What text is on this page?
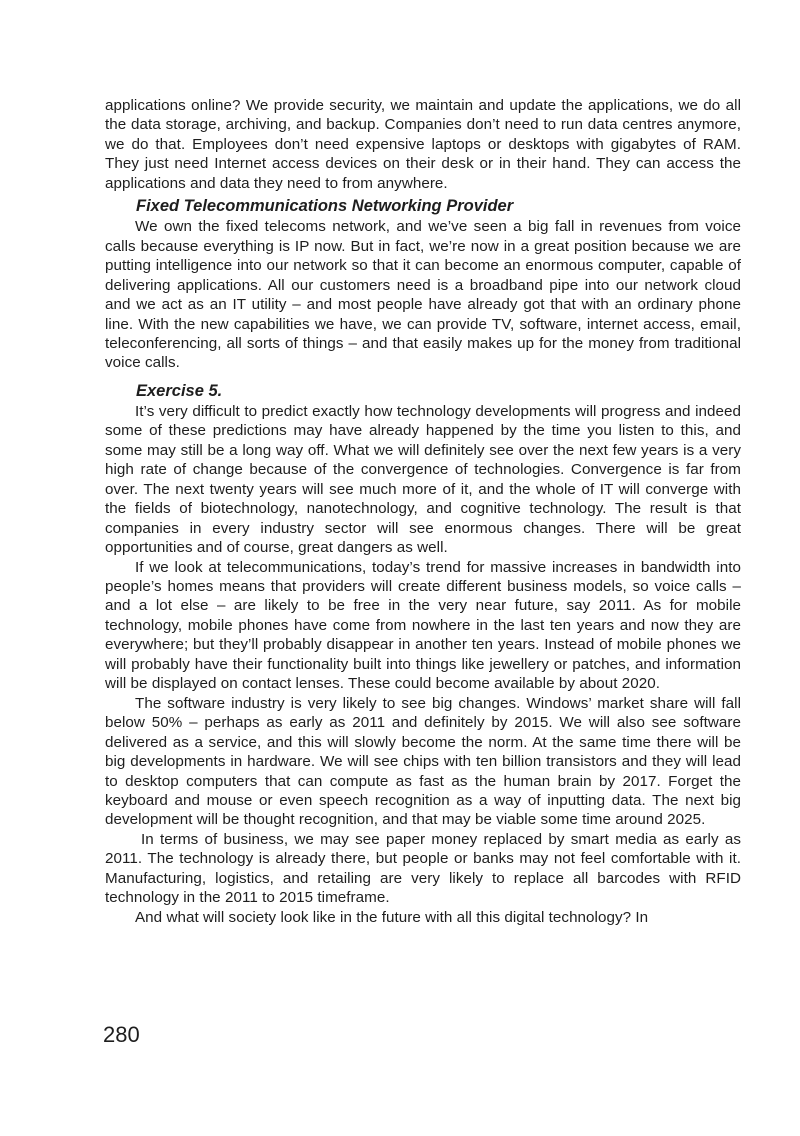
applications online? We provide security, we maintain and update the applications, we do all the data storage, archiving, and backup. Companies don’t need to run data centres anymore, we do that. Employees don’t need expensive laptops or desktops with gigabytes of RAM. They just need Internet access devices on their desk or in their hand. They can access the applications and data they need to from anywhere.

Fixed Telecommunications Networking Provider

We own the fixed telecoms network, and we’ve seen a big fall in revenues from voice calls because everything is IP now. But in fact, we’re now in a great position because we are putting intelligence into our network so that it can become an enormous computer, capable of delivering applications. All our customers need is a broadband pipe into our network cloud and we act as an IT utility – and most people have already got that with an ordinary phone line. With the new capabilities we have, we can provide TV, software, internet access, email, teleconferencing, all sorts of things – and that easily makes up for the money from traditional voice calls.

Exercise 5.

It’s very difficult to predict exactly how technology developments will progress and indeed some of these predictions may have already happened by the time you listen to this, and some may still be a long way off. What we will definitely see over the next few years is a very high rate of change because of the convergence of technologies. Convergence is far from over. The next twenty years will see much more of it, and the whole of IT will converge with the fields of biotechnology, nanotechnology, and cognitive technology. The result is that companies in every industry sector will see enormous changes. There will be great opportunities and of course, great dangers as well.

If we look at telecommunications, today’s trend for massive increases in bandwidth into people’s homes means that providers will create different business models, so voice calls – and a lot else – are likely to be free in the very near future, say 2011. As for mobile technology, mobile phones have come from nowhere in the last ten years and now they are everywhere; but they’ll probably disappear in another ten years. Instead of mobile phones we will probably have their functionality built into things like jewellery or patches, and information will be displayed on contact lenses. These could become available by about 2020.

The software industry is very likely to see big changes. Windows’ market share will fall below 50% – perhaps as early as 2011 and definitely by 2015. We will also see software delivered as a service, and this will slowly become the norm. At the same time there will be big developments in hardware. We will see chips with ten billion transistors and they will lead to desktop computers that can compute as fast as the human brain by 2017. Forget the keyboard and mouse or even speech recognition as a way of inputting data. The next big development will be thought recognition, and that may be viable some time around 2025.

In terms of business, we may see paper money replaced by smart media as early as 2011. The technology is already there, but people or banks may not feel comfortable with it. Manufacturing, logistics, and retailing are very likely to replace all barcodes with RFID technology in the 2011 to 2015 timeframe.

And what will society look like in the future with all this digital technology? In

280
